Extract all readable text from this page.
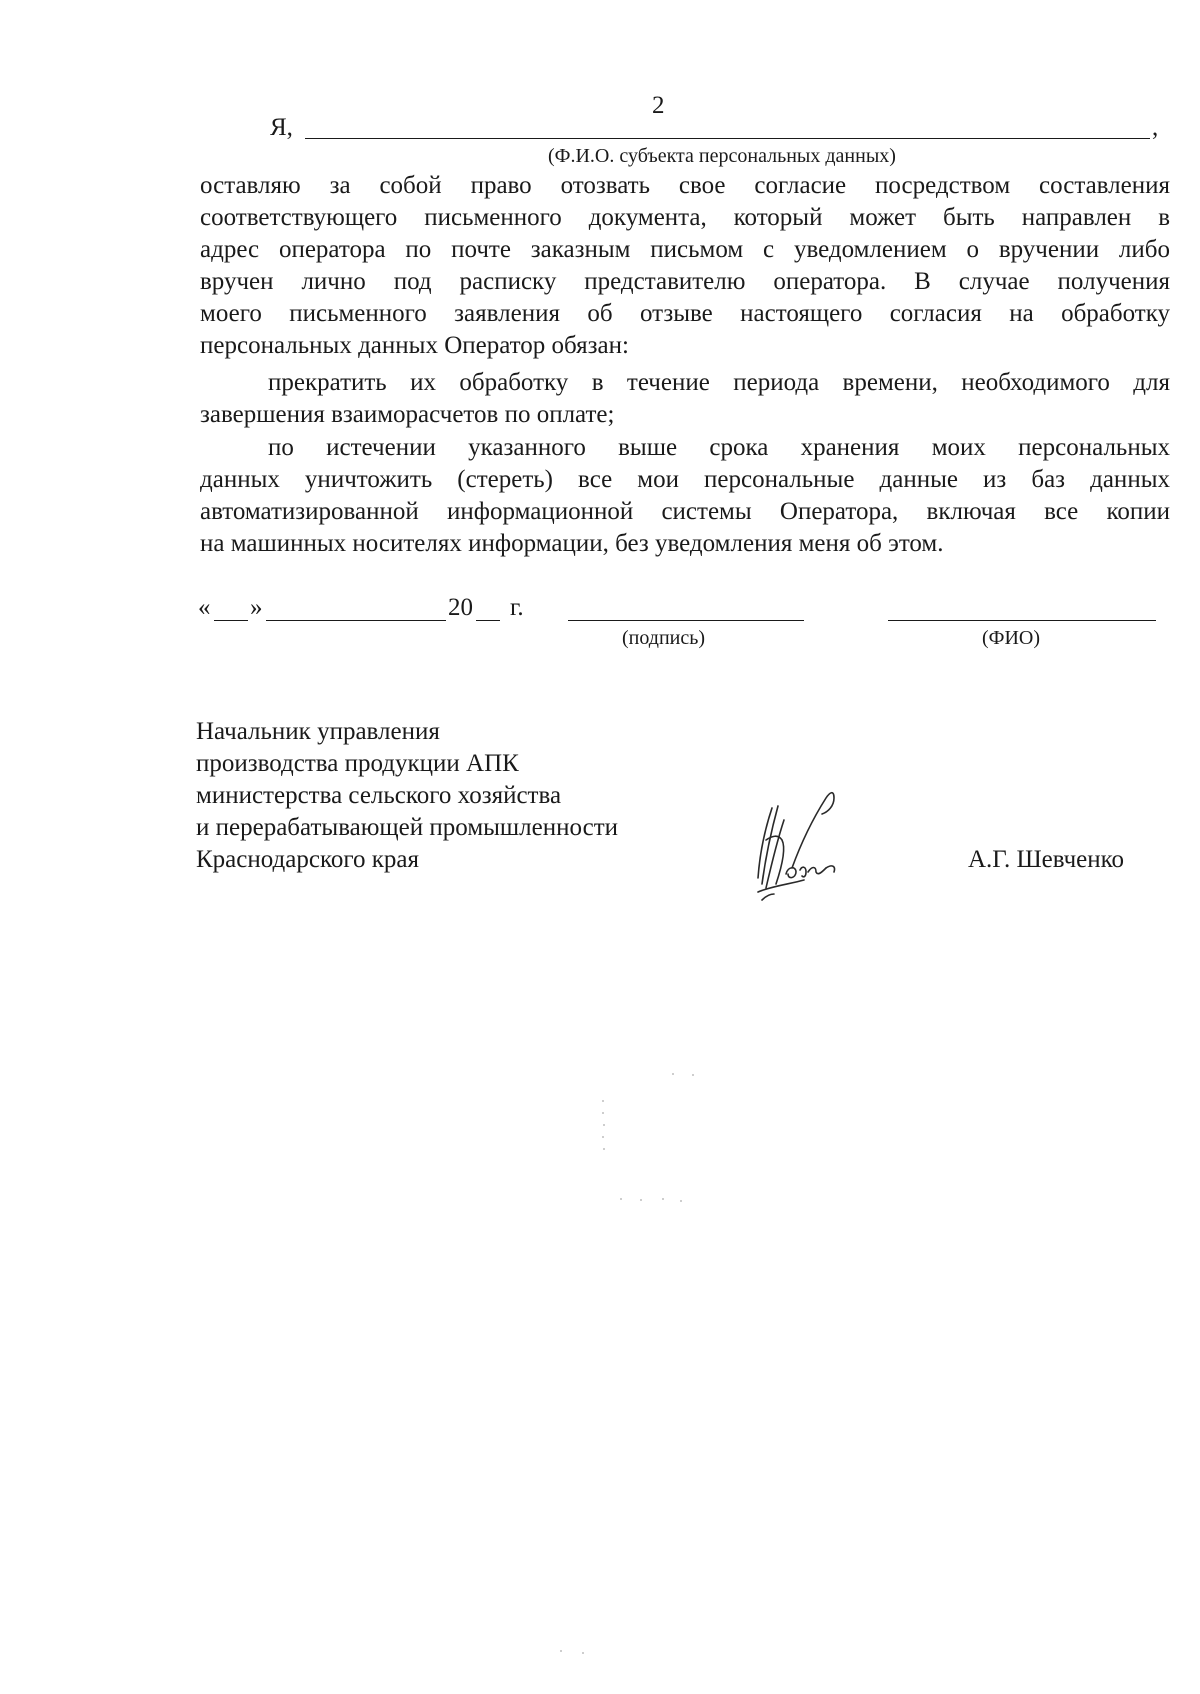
2
Я,	,
(Ф.И.О. субъекта персональных данных)
оставляю за собой право отозвать свое согласие посредством составления
соответствующего письменного документа, который может быть направлен в
адрес оператора по почте заказным письмом с уведомлением о вручении либо
вручен лично под расписку представителю оператора. В случае получения
моего письменного заявления об отзыве настоящего согласия на обработку
персональных данных Оператор обязан:
прекратить их обработку в течение периода времени, необходимого для
завершения взаиморасчетов по оплате;
по истечении указанного выше срока хранения моих персональных
данных уничтожить (стереть) все мои персональные данные из баз данных
автоматизированной информационной системы Оператора, включая все копии
на машинных носителях информации, без уведомления меня об этом.
« »	20 г.
(подпись)	(ФИО)
Начальник управления
производства продукции АПК
министерства сельского хозяйства
и перерабатывающей промышленности
Краснодарского края	А.Г. Шевченко
